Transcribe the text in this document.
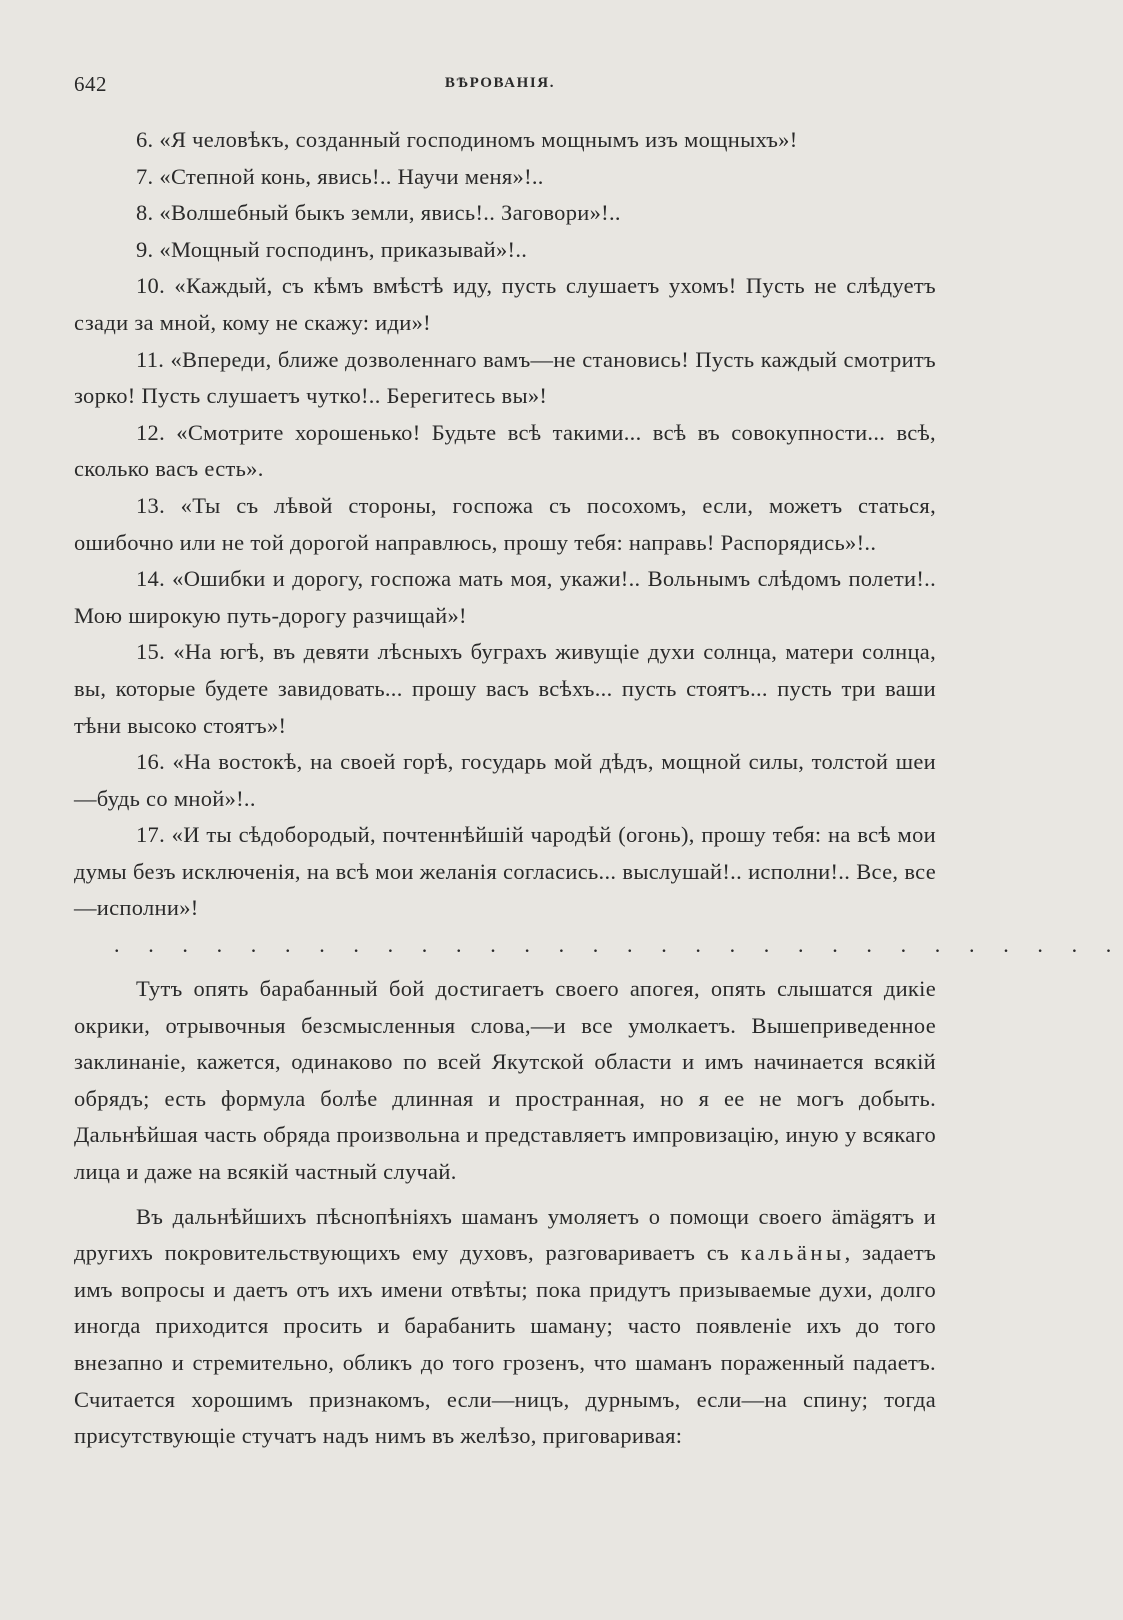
642	ВѢРОВАНІЯ.

6. «Я человѣкъ, созданный господиномъ мощнымъ изъ мощныхъ»!

7. «Степной конь, явись!.. Научи меня»!..

8. «Волшебный быкъ земли, явись!.. Заговори»!..

9. «Мощный господинъ, приказывай»!..

10. «Каждый, съ кѣмъ вмѣстѣ иду, пусть слушаетъ ухомъ! Пусть не слѣдуетъ сзади за мной, кому не скажу: иди»!

11. «Впереди, ближе дозволеннаго вамъ—не становись! Пусть каждый смотритъ зорко! Пусть слушаетъ чутко!.. Берегитесь вы»!

12. «Смотрите хорошенько! Будьте всѣ такими... всѣ въ совокупности... всѣ, сколько васъ есть».

13. «Ты съ лѣвой стороны, госпожа съ посохомъ, если, можетъ статься, ошибочно или не той дорогой направлюсь, прошу тебя: направь! Распорядись»!..

14. «Ошибки и дорогу, госпожа мать моя, укажи!.. Вольнымъ слѣдомъ полети!.. Мою широкую путь-дорогу разчищай»!

15. «На югѣ, въ девяти лѣсныхъ буграхъ живущіе духи солнца, матери солнца, вы, которые будете завидовать... прошу васъ всѣхъ... пусть стоятъ... пусть три ваши тѣни высоко стоятъ»!

16. «На востокѣ, на своей горѣ, государь мой дѣдъ, мощной силы, толстой шеи—будь со мной»!..

17. «И ты сѣдобородый, почтеннѣйшій чародѣй (огонь), прошу тебя: на всѣ мои думы безъ исключенія, на всѣ мои желанія согласись... выслушай!.. исполни!.. Все, все—исполни»!

. . . . . . . . . . . . . . . . . . . . . . . . . . . . . .

Тутъ опять барабанный бой достигаетъ своего апогея, опять слышатся дикіе окрики, отрывочныя безсмысленныя слова,—и все умолкаетъ. Вышеприведенное заклинаніе, кажется, одинаково по всей Якутской области и имъ начинается всякій обрядъ; есть формула болѣе длинная и пространная, но я ее не могъ добыть. Дальнѣйшая часть обряда произвольна и представляетъ импровизацію, иную у всякаго лица и даже на всякій частный случай.

Въ дальнѣйшихъ пѣснопѣніяхъ шаманъ умоляетъ о помощи своего ämägятъ и другихъ покровительствующихъ ему духовъ, разговариваетъ съ кальäны, задаетъ имъ вопросы и даетъ отъ ихъ имени отвѣты; пока придутъ призываемые духи, долго иногда приходится просить и барабанить шаману; часто появленіе ихъ до того внезапно и стремительно, обликъ до того грозенъ, что шаманъ пораженный падаетъ. Считается хорошимъ признакомъ, если—ницъ, дурнымъ, если—на спину; тогда присутствующіе стучатъ надъ нимъ въ желѣзо, приговаривая:
